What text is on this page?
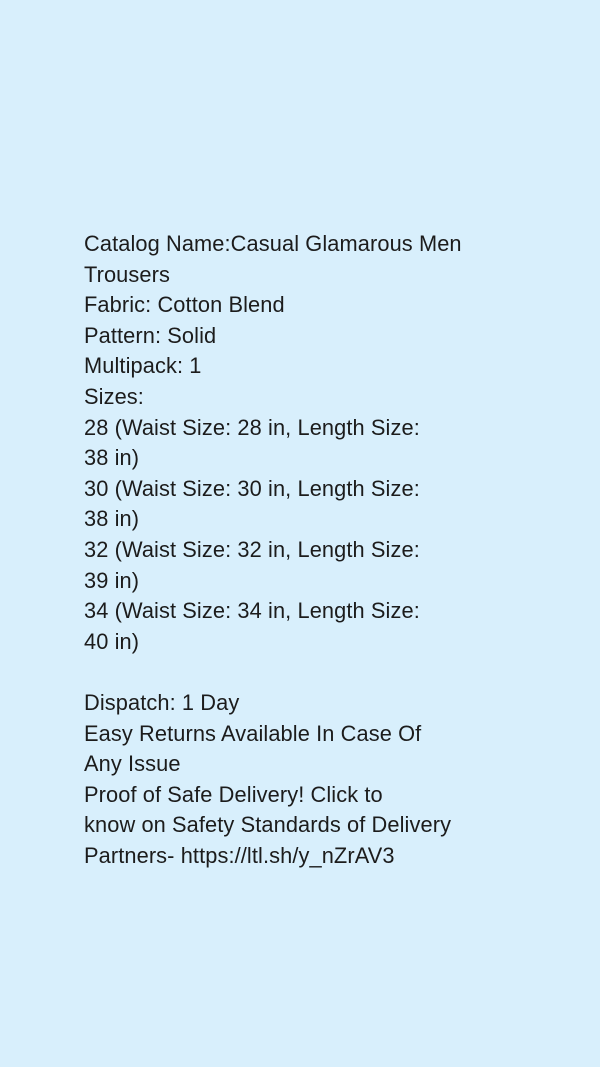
Catalog Name:Casual Glamarous Men
Trousers
Fabric: Cotton Blend
Pattern: Solid
Multipack: 1
Sizes:
28 (Waist Size: 28 in, Length Size:
38 in)
30 (Waist Size: 30 in, Length Size:
38 in)
32 (Waist Size: 32 in, Length Size:
39 in)
34 (Waist Size: 34 in, Length Size:
40 in)
Dispatch: 1 Day
Easy Returns Available In Case Of
Any Issue
Proof of Safe Delivery! Click to
know on Safety Standards of Delivery
Partners- https://ltl.sh/y_nZrAV3
